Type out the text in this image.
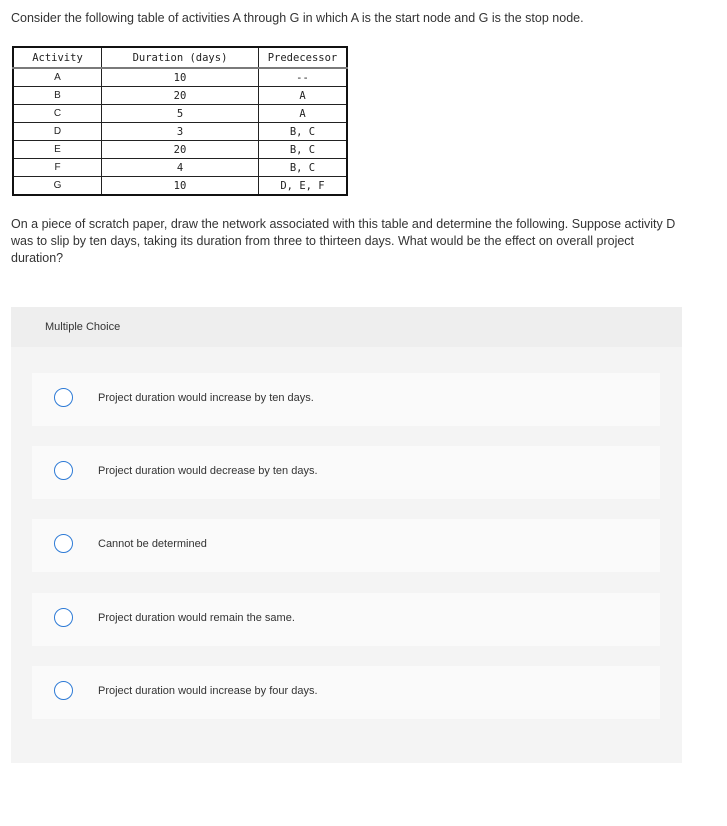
Consider the following table of activities A through G in which A is the start node and G is the stop node.
Activity	Duration (days)	Predecessor
A	10	--
B	20	A
C	5	A
D	3	B, C
E	20	B, C
F	4	B, C
G	10	D, E, F
On a piece of scratch paper, draw the network associated with this table and determine the following. Suppose activity D was to slip by ten days, taking its duration from three to thirteen days. What would be the effect on overall project duration?
Multiple Choice
Project duration would increase by ten days.
Project duration would decrease by ten days.
Cannot be determined
Project duration would remain the same.
Project duration would increase by four days.
